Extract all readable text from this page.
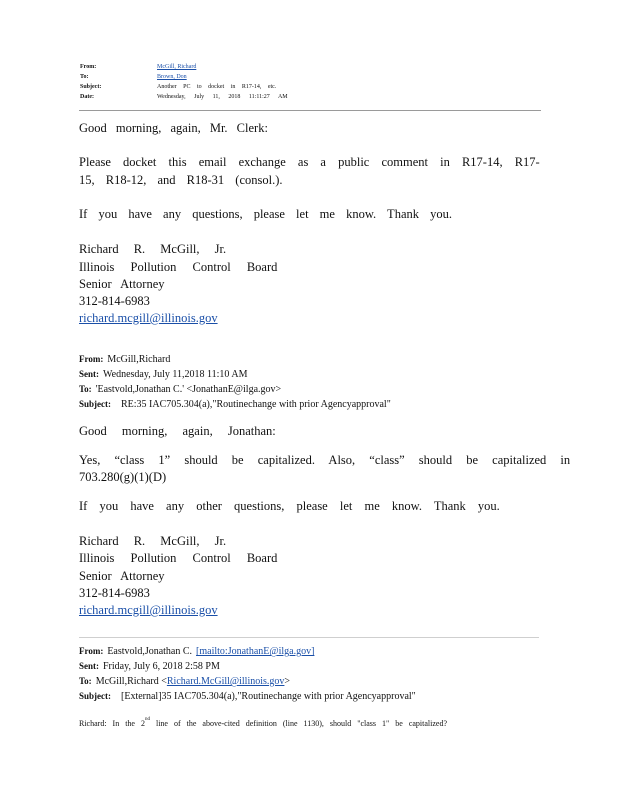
From:	McGill, Richard
To:	Brown, Don
Subject:	Another PC to docket in R17-14, etc.
Date:	Wednesday, July 11, 2018 11:11:27 AM
Good morning, again, Mr. Clerk:
Please docket this email exchange as a public comment in R17-14, R17-
15, R18-12, and R18-31 (consol.).
If you have any questions, please let me know. Thank you.
Richard R. McGill, Jr.
Illinois Pollution Control Board
Senior Attorney
312-814-6983
richard.mcgill@illinois.gov
From: McGill,Richard
Sent: Wednesday, July 11,2018 11:10 AM
To: 'Eastvold,Jonathan C.' <JonathanE@ilga.gov>
Subject: RE:35 IAC705.304(a),"Routinechange with prior Agencyapproval"
Good morning, again, Jonathan:
Yes, “class 1” should be capitalized. Also, “class” should be capitalized in
703.280(g)(1)(D)
If you have any other questions, please let me know. Thank you.
Richard R. McGill, Jr.
Illinois Pollution Control Board
Senior Attorney
312-814-6983
richard.mcgill@illinois.gov
From: Eastvold,Jonathan C. [mailto:JonathanE@ilga.gov]
Sent: Friday, July 6, 2018 2:58 PM
To: McGill,Richard <Richard.McGill@illinois.gov>
Subject: [External]35 IAC705.304(a),"Routinechange with prior Agencyapproval"
Richard: In the 2nd line of the above-cited definition (line 1130), should "class 1" be capitalized?
